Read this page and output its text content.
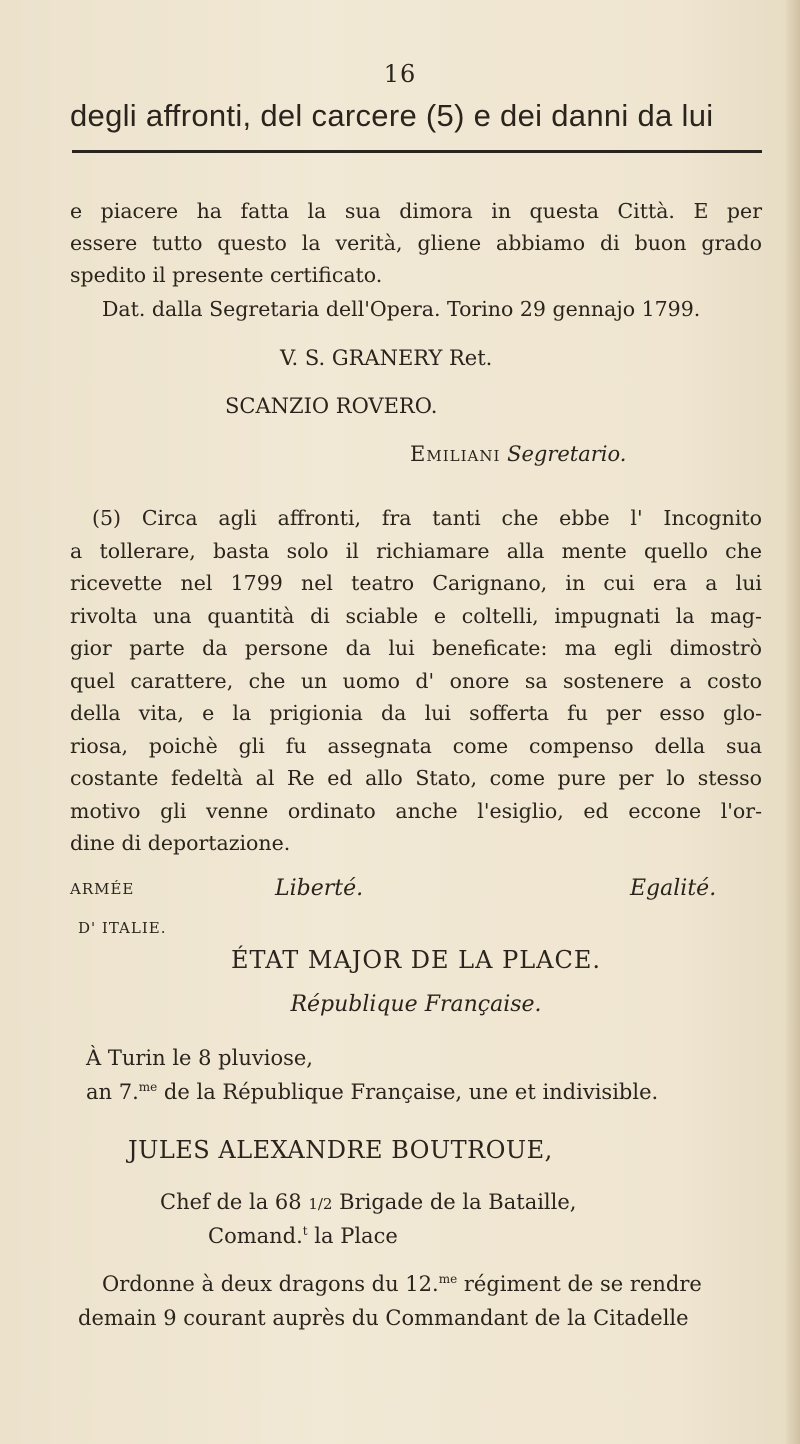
16
degli affronti, del carcere (5) e dei danni da lui
e piacere ha fatta la sua dimora in questa Città. E per
essere tutto questo la verità, gliene abbiamo di buon grado
spedito il presente certificato.
Dat. dalla Segretaria dell'Opera. Torino 29 gennajo 1799.
V. S. GRANERY Ret.
SCANZIO ROVERO.
Emiliani Segretario.
(5) Circa agli affronti, fra tanti che ebbe l' Incognito
a tollerare, basta solo il richiamare alla mente quello che
ricevette nel 1799 nel teatro Carignano, in cui era a lui
rivolta una quantità di sciable e coltelli, impugnati la mag-
gior parte da persone da lui beneficate: ma egli dimostrò
quel carattere, che un uomo d' onore sa sostenere a costo
della vita, e la prigionia da lui sofferta fu per esso glo-
riosa, poichè gli fu assegnata come compenso della sua
costante fedeltà al Re ed allo Stato, come pure per lo stesso
motivo gli venne ordinato anche l'esiglio, ed eccone l'or-
dine di deportazione.
ARMÉE	Liberté.	Egalité.
D' ITALIE.
ÉTAT MAJOR DE LA PLACE.
République Française.
À Turin le 8 pluviose,
an 7.$^{me}$ de la République Française, une et indivisible.
JULES ALEXANDRE BOUTROUE,
Chef de la 68 1/2 Brigade de la Bataille,
Comand.$^t$ la Place
Ordonne à deux dragons du 12.$^{me}$ régiment de se rendre
demain 9 courant auprès du Commandant de la Citadelle
